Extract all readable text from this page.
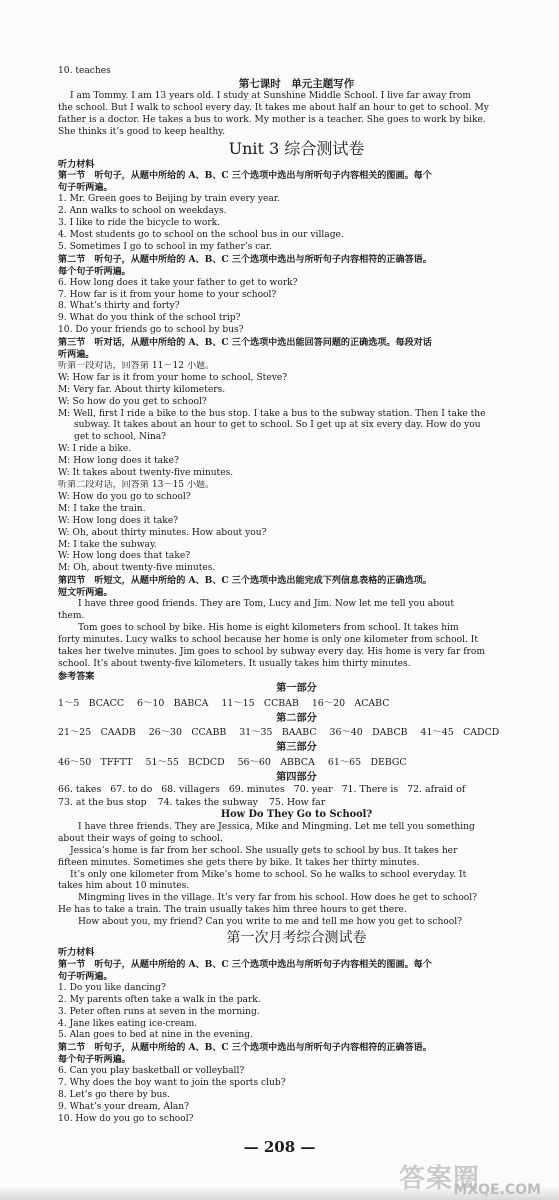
10. teaches
第七课时　单元主题写作
I am Tommy. I am 13 years old. I study at Sunshine Middle School. I live far away from
the school. But I walk to school every day. It takes me about half an hour to get to school. My
father is a doctor. He takes a bus to work. My mother is a teacher. She goes to work by bike.
She thinks it’s good to keep healthy.
Unit 3 综合测试卷
听力材料
第一节　听句子，从题中所给的 A、B、C 三个选项中选出与所听句子内容相关的图画。每个
句子听两遍。
1. Mr. Green goes to Beijing by train every year.
2. Ann walks to school on weekdays.
3. I like to ride the bicycle to work.
4. Most students go to school on the school bus in our village.
5. Sometimes I go to school in my father’s car.
第二节　听句子，从题中所给的 A、B、C 三个选项中选出与所听句子内容相符的正确答语。
每个句子听两遍。
6. How long does it take your father to get to work?
7. How far is it from your home to your school?
8. What’s thirty and forty?
9. What do you think of the school trip?
10. Do your friends go to school by bus?
第三节　听对话，从题中所给的 A、B、C 三个选项中选出能回答问题的正确选项。每段对话
听两遍。
听第一段对话，回答第 11－12 小题。
W: How far is it from your home to school, Steve?
M: Very far. About thirty kilometers.
W: So how do you get to school?
M: Well, first I ride a bike to the bus stop. I take a bus to the subway station. Then I take the
subway. It takes about an hour to get to school. So I get up at six every day. How do you
get to school, Nina?
W: I ride a bike.
M: How long does it take?
W: It takes about twenty-five minutes.
听第二段对话，回答第 13－15 小题。
W: How do you go to school?
M: I take the train.
W: How long does it take?
W: Oh, about thirty minutes. How about you?
M: I take the subway.
W: How long does that take?
M: Oh, about twenty-five minutes.
第四节　听短文，从题中所给的 A、B、C 三个选项中选出能完成下列信息表格的正确选项。
短文听两遍。
I have three good friends. They are Tom, Lucy and Jim. Now let me tell you about
them.
Tom goes to school by bike. His home is eight kilometers from school. It takes him
forty minutes. Lucy walks to school because her home is only one kilometer from school. It
takes her twelve minutes. Jim goes to school by subway every day. His home is very far from
school. It’s about twenty-five kilometers. It usually takes him thirty minutes.
参考答案
第一部分
1～5　BCACC 6～10　BABCA 11～15　CCBAB 16～20　ACABC
第二部分
21～25　CAADB 26～30　CCABB 31～35　BAABC 36～40　DABCB 41～45　CADCD
第三部分
46～50　TFFTT 51～55　BCDCD 56～60　ABBCA 61～65　DEBGC
第四部分
66. takes 67. to do 68. villagers 69. minutes 70. year 71. There is 72. afraid of
73. at the bus stop 74. takes the subway 75. How far
How Do They Go to School?
I have three friends. They are Jessica, Mike and Mingming. Let me tell you something
about their ways of going to school.
Jessica’s home is far from her school. She usually gets to school by bus. It takes her
fifteen minutes. Sometimes she gets there by bike. It takes her thirty minutes.
It’s only one kilometer from Mike’s home to school. So he walks to school everyday. It
takes him about 10 minutes.
Mingming lives in the village. It’s very far from his school. How does he get to school?
He has to take a train. The train usually takes him three hours to get there.
How about you, my friend? Can you write to me and tell me how you get to school?
第一次月考综合测试卷
听力材料
第一节　听句子，从题中所给的 A、B、C 三个选项中选出与所听句子内容相关的图画。每个
句子听两遍。
1. Do you like dancing?
2. My parents often take a walk in the park.
3. Peter often runs at seven in the morning.
4. Jane likes eating ice-cream.
5. Alan goes to bed at nine in the evening.
第二节　听句子，从题中所给的 A、B、C 三个选项中选出与所听句子内容相符的正确答语。
每个句子听两遍。
6. Can you play basketball or volleyball?
7. Why does the boy want to join the sports club?
8. Let’s go there by bus.
9. What’s your dream, Alan?
10. How do you go to school?
— 208 —
答案圈
MXQE.COM
